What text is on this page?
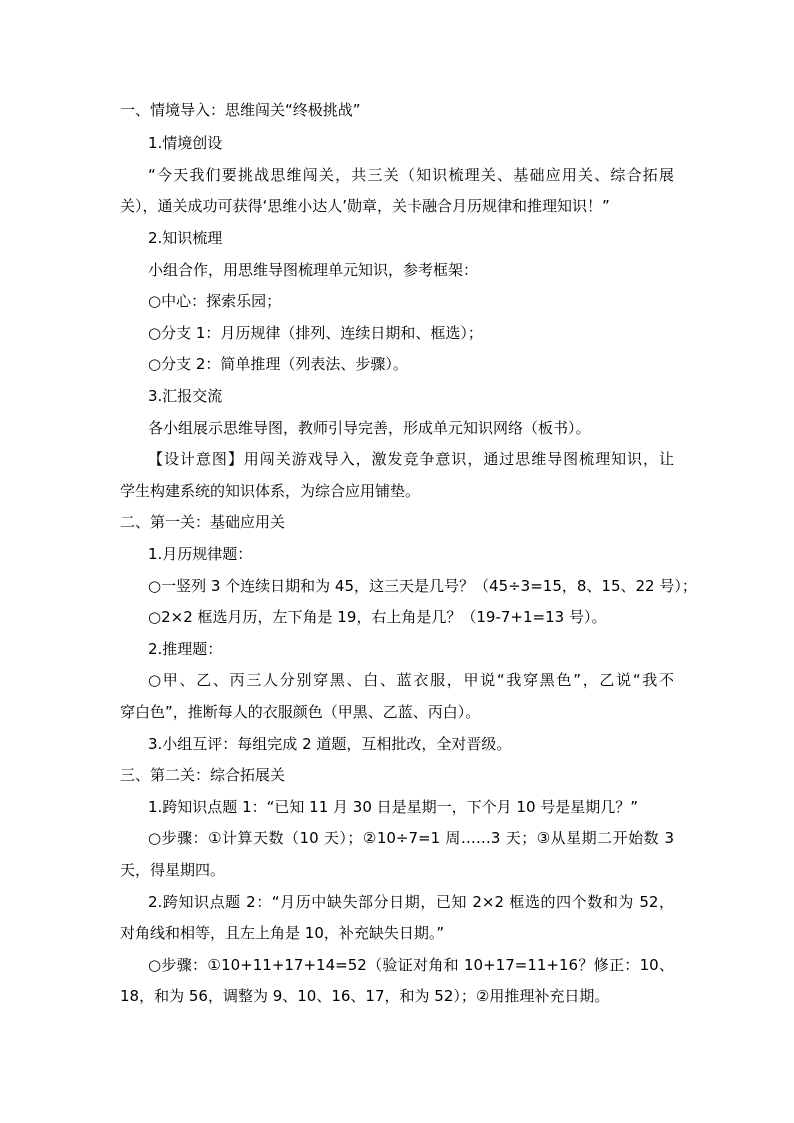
一、情境导入：思维闯关“终极挑战”
1.情境创设
“今天我们要挑战思维闯关，共三关（知识梳理关、基础应用关、综合拓展
关），通关成功可获得‘思维小达人’勋章，关卡融合月历规律和推理知识！”
2.知识梳理
小组合作，用思维导图梳理单元知识，参考框架：
○中心：探索乐园；
○分支 1：月历规律（排列、连续日期和、框选）；
○分支 2：简单推理（列表法、步骤）。
3.汇报交流
各小组展示思维导图，教师引导完善，形成单元知识网络（板书）。
【设计意图】用闯关游戏导入，激发竞争意识，通过思维导图梳理知识，让
学生构建系统的知识体系，为综合应用铺垫。
二、第一关：基础应用关
1.月历规律题：
○一竖列 3 个连续日期和为 45，这三天是几号？（45÷3=15，8、15、22 号）；
○2×2 框选月历，左下角是 19，右上角是几？（19-7+1=13 号）。
2.推理题：
○甲、乙、丙三人分别穿黑、白、蓝衣服，甲说“我穿黑色”，乙说“我不
穿白色”，推断每人的衣服颜色（甲黑、乙蓝、丙白）。
3.小组互评：每组完成 2 道题，互相批改，全对晋级。
三、第二关：综合拓展关
1.跨知识点题 1：“已知 11 月 30 日是星期一，下个月 10 号是星期几？”
○步骤：①计算天数（10 天）；②10÷7=1 周……3 天；③从星期二开始数 3
天，得星期四。
2.跨知识点题 2：“月历中缺失部分日期，已知 2×2 框选的四个数和为 52，
对角线和相等，且左上角是 10，补充缺失日期。”
○步骤：①10+11+17+14=52（验证对角和 10+17=11+16？修正：10、
18，和为 56，调整为 9、10、16、17，和为 52）；②用推理补充日期。
